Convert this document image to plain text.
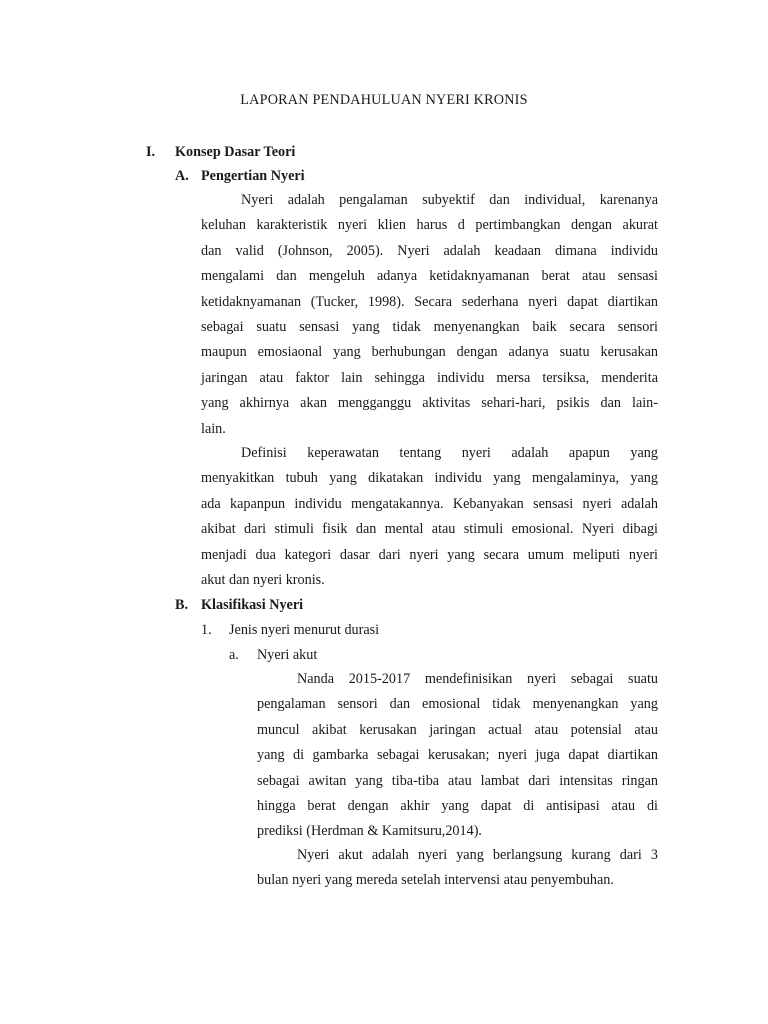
LAPORAN PENDAHULUAN NYERI KRONIS
I. Konsep Dasar Teori
A. Pengertian Nyeri
Nyeri adalah pengalaman subyektif dan individual, karenanya
keluhan karakteristik nyeri klien harus d pertimbangkan dengan akurat
dan valid (Johnson, 2005). Nyeri adalah keadaan dimana individu
mengalami dan mengeluh adanya ketidaknyamanan berat atau sensasi
ketidaknyamanan (Tucker, 1998). Secara sederhana nyeri dapat diartikan
sebagai suatu sensasi yang tidak menyenangkan baik secara sensori
maupun emosiaonal yang berhubungan dengan adanya suatu kerusakan
jaringan atau faktor lain sehingga individu mersa tersiksa, menderita
yang akhirnya akan mengganggu aktivitas sehari-hari, psikis dan lain-
lain.
Definisi keperawatan tentang nyeri adalah apapun yang
menyakitkan tubuh yang dikatakan individu yang mengalaminya, yang
ada kapanpun individu mengatakannya. Kebanyakan sensasi nyeri adalah
akibat dari stimuli fisik dan mental atau stimuli emosional. Nyeri dibagi
menjadi dua kategori dasar dari nyeri yang secara umum meliputi nyeri
akut dan nyeri kronis.
B. Klasifikasi Nyeri
1. Jenis nyeri menurut durasi
a. Nyeri akut
Nanda 2015-2017 mendefinisikan nyeri sebagai suatu
pengalaman sensori dan emosional tidak menyenangkan yang
muncul akibat kerusakan jaringan actual atau potensial atau
yang di gambarka sebagai kerusakan; nyeri juga dapat diartikan
sebagai awitan yang tiba-tiba atau lambat dari intensitas ringan
hingga berat dengan akhir yang dapat di antisipasi atau di
prediksi (Herdman & Kamitsuru,2014).
Nyeri akut adalah nyeri yang berlangsung kurang dari 3
bulan nyeri yang mereda setelah intervensi atau penyembuhan.
